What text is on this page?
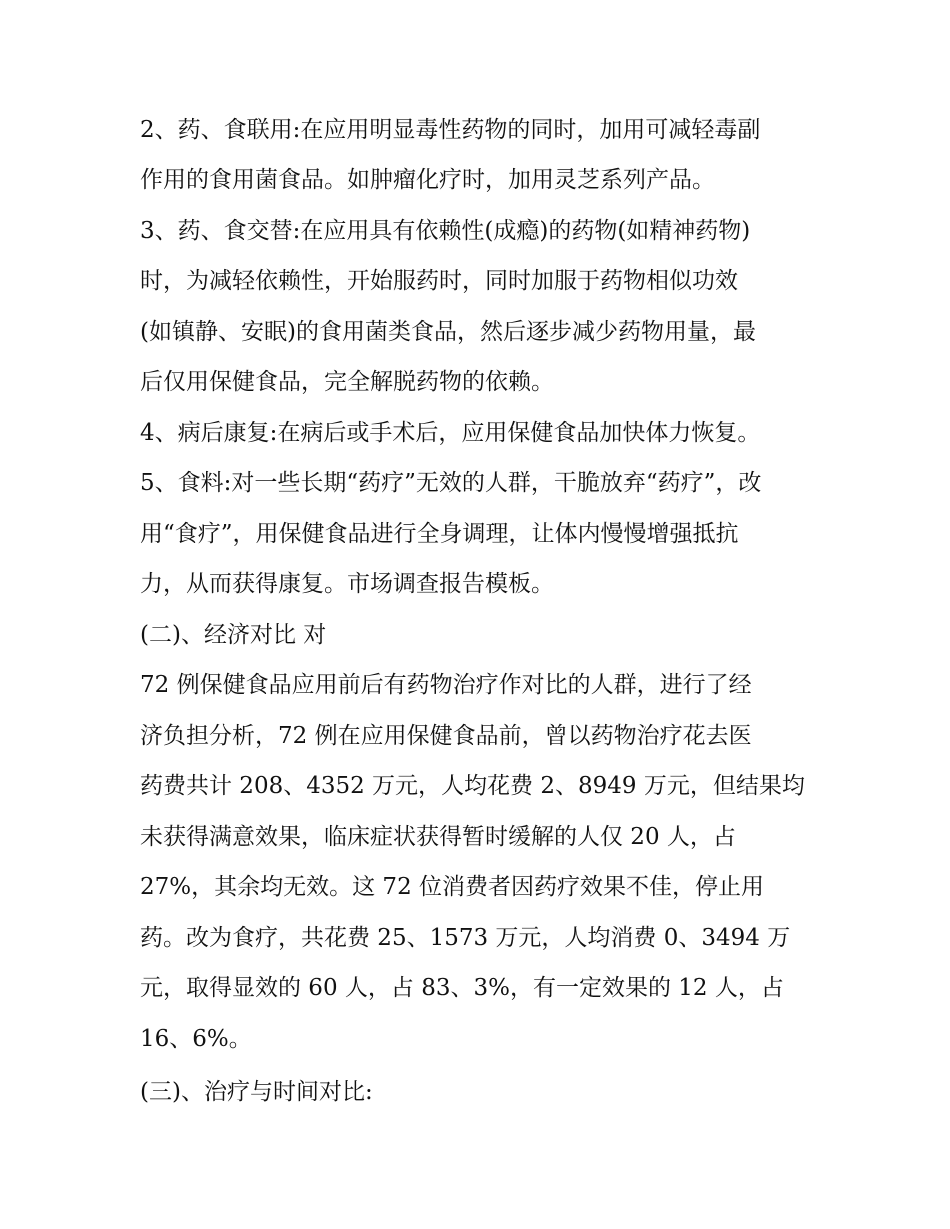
2、药、食联用:在应用明显毒性药物的同时，加用可减轻毒副
作用的食用菌食品。如肿瘤化疗时，加用灵芝系列产品。
3、药、食交替:在应用具有依赖性(成瘾)的药物(如精神药物)
时，为减轻依赖性，开始服药时，同时加服于药物相似功效
(如镇静、安眠)的食用菌类食品，然后逐步减少药物用量，最
后仅用保健食品，完全解脱药物的依赖。
4、病后康复:在病后或手术后，应用保健食品加快体力恢复。
5、食料:对一些长期“药疗”无效的人群，干脆放弃“药疗”，改
用“食疗”，用保健食品进行全身调理，让体内慢慢增强抵抗
力，从而获得康复。市场调查报告模板。
(二)、经济对比 对
72 例保健食品应用前后有药物治疗作对比的人群，进行了经
济负担分析，72 例在应用保健食品前，曾以药物治疗花去医
药费共计 208、4352 万元，人均花费 2、8949 万元，但结果均
未获得满意效果，临床症状获得暂时缓解的人仅 20 人，占
27%，其余均无效。这 72 位消费者因药疗效果不佳，停止用
药。改为食疗，共花费 25、1573 万元，人均消费 0、3494 万
元，取得显效的 60 人，占 83、3%，有一定效果的 12 人，占
16、6%。
(三)、治疗与时间对比:
